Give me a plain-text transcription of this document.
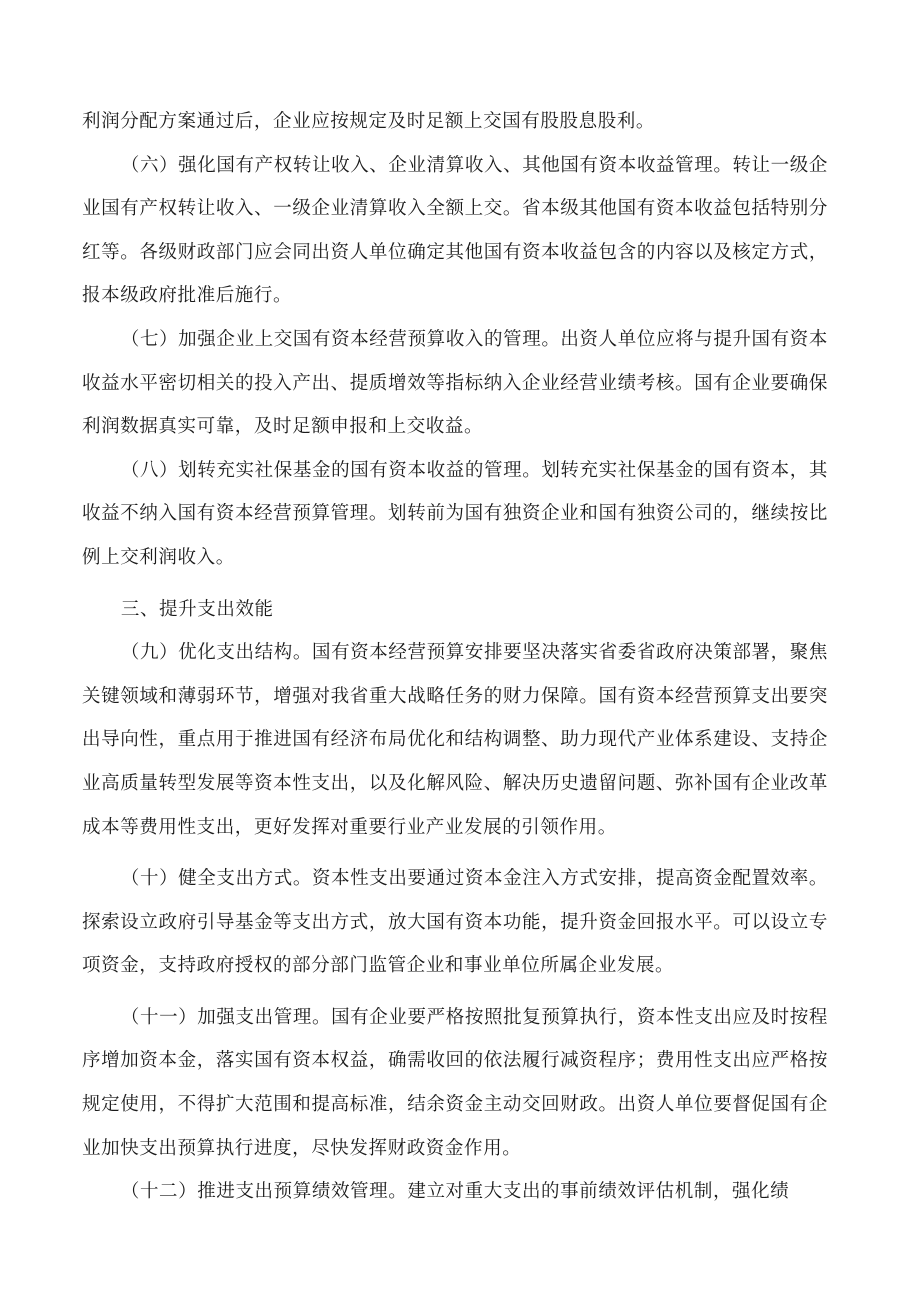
利润分配方案通过后，企业应按规定及时足额上交国有股股息股利。

（六）强化国有产权转让收入、企业清算收入、其他国有资本收益管理。转让一级企业国有产权转让收入、一级企业清算收入全额上交。省本级其他国有资本收益包括特别分红等。各级财政部门应会同出资人单位确定其他国有资本收益包含的内容以及核定方式，报本级政府批准后施行。

（七）加强企业上交国有资本经营预算收入的管理。出资人单位应将与提升国有资本收益水平密切相关的投入产出、提质增效等指标纳入企业经营业绩考核。国有企业要确保利润数据真实可靠，及时足额申报和上交收益。

（八）划转充实社保基金的国有资本收益的管理。划转充实社保基金的国有资本，其收益不纳入国有资本经营预算管理。划转前为国有独资企业和国有独资公司的，继续按比例上交利润收入。

三、提升支出效能

（九）优化支出结构。国有资本经营预算安排要坚决落实省委省政府决策部署，聚焦关键领域和薄弱环节，增强对我省重大战略任务的财力保障。国有资本经营预算支出要突出导向性，重点用于推进国有经济布局优化和结构调整、助力现代产业体系建设、支持企业高质量转型发展等资本性支出，以及化解风险、解决历史遗留问题、弥补国有企业改革成本等费用性支出，更好发挥对重要行业产业发展的引领作用。

（十）健全支出方式。资本性支出要通过资本金注入方式安排，提高资金配置效率。探索设立政府引导基金等支出方式，放大国有资本功能，提升资金回报水平。可以设立专项资金，支持政府授权的部分部门监管企业和事业单位所属企业发展。

（十一）加强支出管理。国有企业要严格按照批复预算执行，资本性支出应及时按程序增加资本金，落实国有资本权益，确需收回的依法履行减资程序；费用性支出应严格按规定使用，不得扩大范围和提高标准，结余资金主动交回财政。出资人单位要督促国有企业加快支出预算执行进度，尽快发挥财政资金作用。

（十二）推进支出预算绩效管理。建立对重大支出的事前绩效评估机制，强化绩
